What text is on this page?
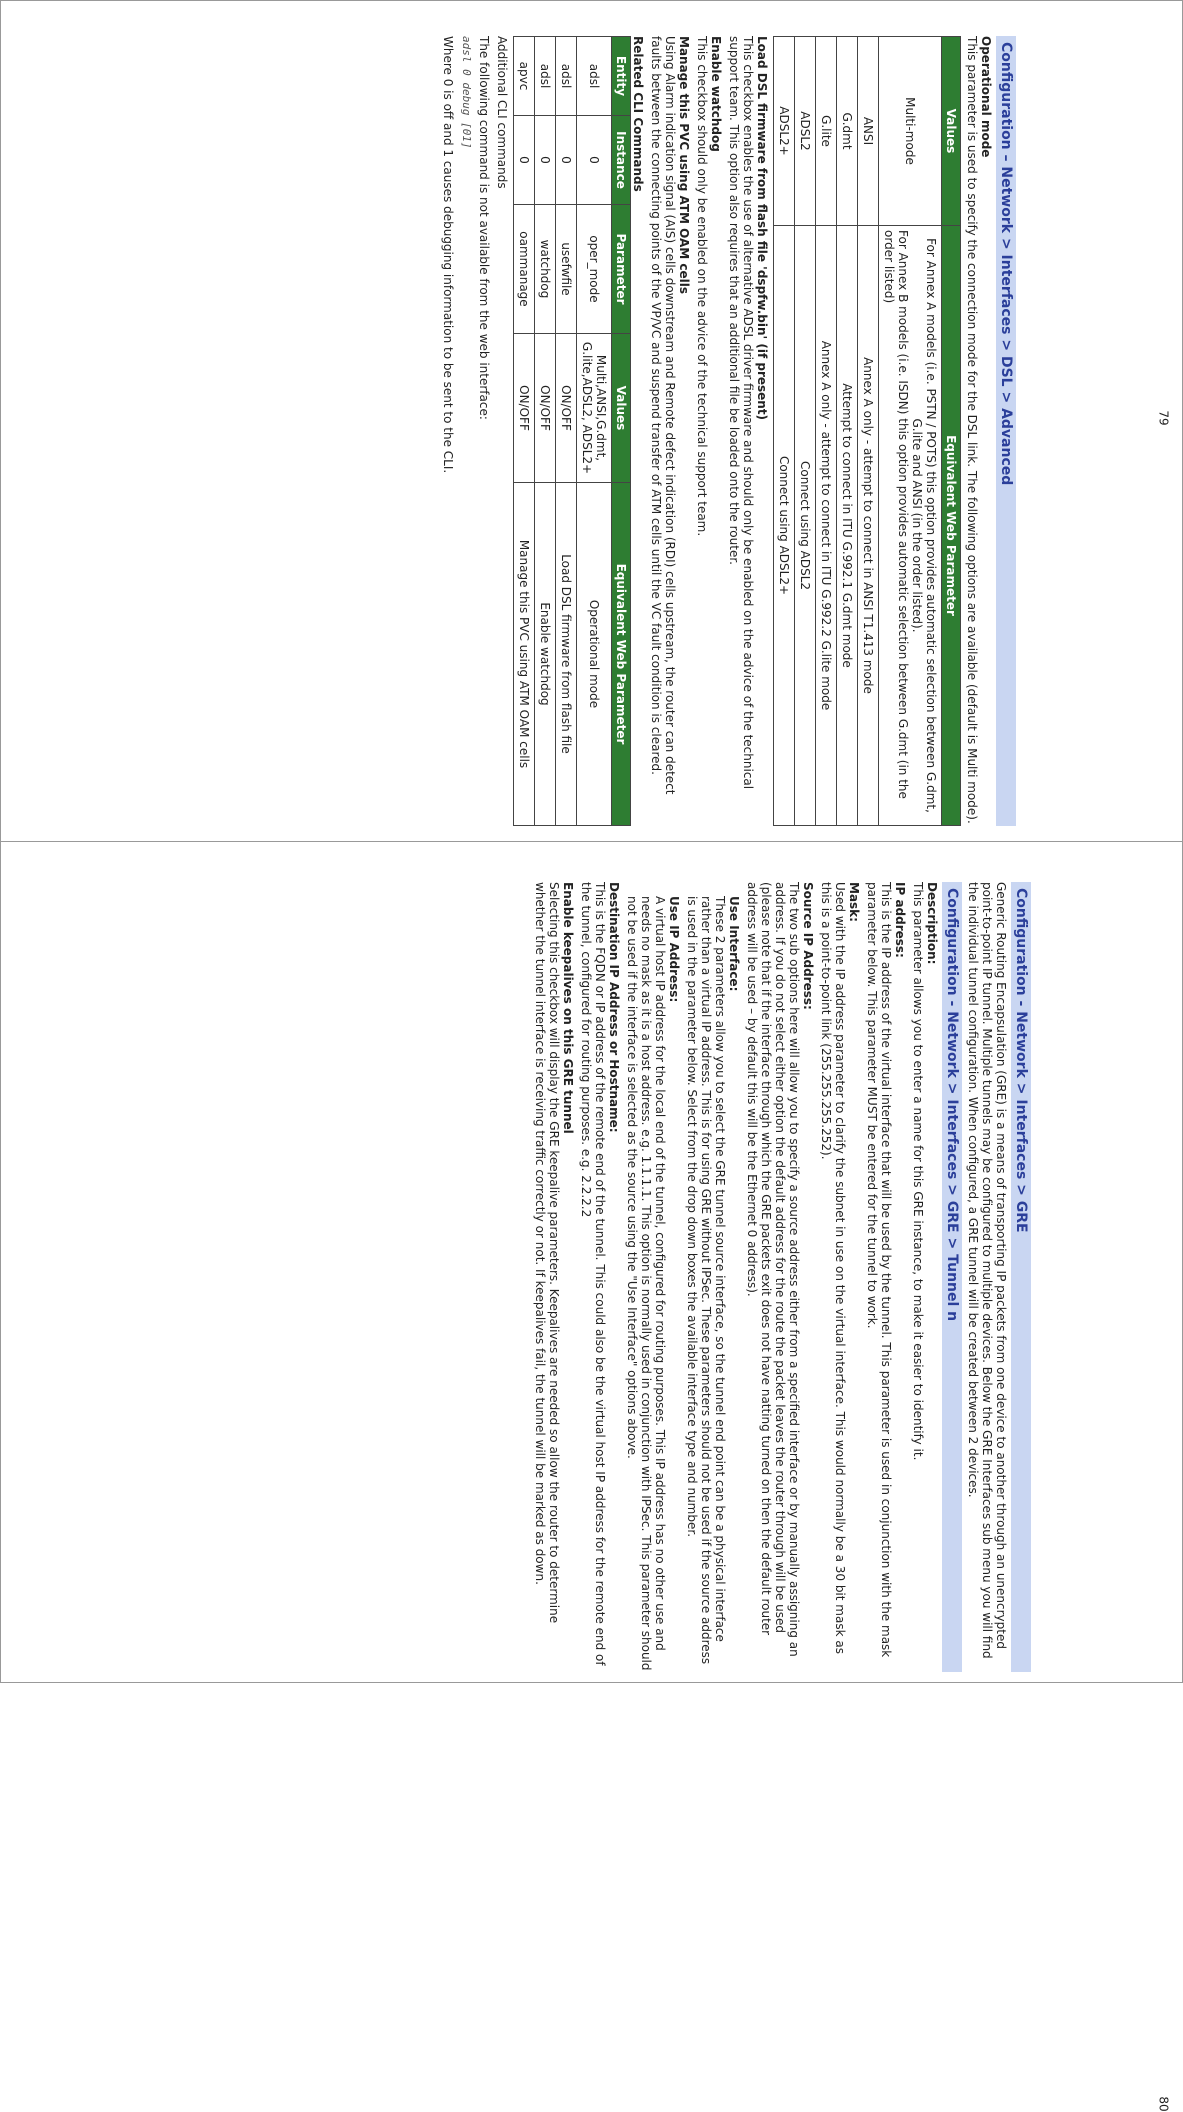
Configuration – Network > Interfaces > DSL > Advanced

Operational mode

This parameter is used to specify the connection mode for the DSL link. The following options are available (default is Multi mode).

Values	Equivalent Web Parameter
Multi-mode	For Annex A models (i.e. PSTN / POTS) this option provides automatic selection between G.dmt, G.lite and ANSI (in the order listed).
For Annex B models (i.e. ISDN) this option provides automatic selection between G.dmt (in the order listed)

ANSI	Annex A only - attempt to connect in ANSI T1.413 mode
G.dmt	Attempt to connect in ITU G.992.1 G.dmt mode
G.lite	Annex A only - attempt to connect in ITU G.992.2 G.lite mode
ADSL2	Connect using ADSL2
ADSL2+	Connect using ADSL2+

Load DSL firmware from flash file 'dspfw.bin' (if present)

This checkbox enables the use of alternative ADSL driver firmware and should only be enabled on the advice of the technical support team. This option also requires that an additional file be loaded onto the router.

Enable watchdog

This checkbox should only be enabled on the advice of the technical support team.

Manage this PVC using ATM OAM cells

Using Alarm indication signal (AIS) cells downstream and Remote defect indication (RDI) cells upstream, the router can detect faults between the connecting points of the VP/VC and suspend transfer of ATM cells until the VC fault condition is cleared.

Related CLI Commands

Entity	Instance	Parameter	Values	Equivalent Web Parameter
adsl	0	oper_mode	Multi,ANSI,G.dmt, G.lite,ADSL2, ADSL2+	Operational mode
adsl	0	usefwfile	ON/OFF	Load DSL firmware from flash file
adsl	0	watchdog	ON/OFF	Enable watchdog
apvc	0	oammanage	ON/OFF	Manage this PVC using ATM OAM cells

Additional CLI commands

The following command is not available from the web interface:

adsl 0 debug [01]

Where 0 is off and 1 causes debugging information to be sent to the CLI.	79
Configuration - Network > Interfaces > GRE

Generic Routing Encapsulation (GRE) is a means of transporting IP packets from one device to another through an unencrypted point-to-point IP tunnel. Multiple tunnels may be configured to multiple devices. Below the GRE Interfaces sub menu you will find the individual tunnel configuration. When configured, a GRE tunnel will be created between 2 devices.

Configuration - Network > Interfaces > GRE > Tunnel n

Description:

This parameter allows you to enter a name for this GRE instance, to make it easier to identify it.

IP address:

This is the IP address of the virtual interface that will be used by the tunnel. This parameter is used in conjunction with the mask parameter below. This parameter MUST be entered for the tunnel to work.

Mask:

Used with the IP address parameter to clarify the subnet in use on the virtual interface. This would normally be a 30 bit mask as this is a point-to-point link (255.255.255.252).

Source IP Address:

The two sub options here will allow you to specify a source address either from a specified interface or by manually assigning an address. If you do not select either option the default address for the route the packet leaves the router through will be used (please note that if the interface through which the GRE packets exit does not have natting turned on then the default router address will be used – by default this will be the Ethernet 0 address).

Use Interface:

These 2 parameters allow you to select the GRE tunnel source interface, so the tunnel end point can be a physical interface rather than a virtual IP address. This is for using GRE without IPSec. These parameters should not be used if the source address is used in the parameter below. Select from the drop down boxes the available interface type and number.

Use IP Address:

A virtual host IP address for the local end of the tunnel, configured for routing purposes. This IP address has no other use and needs no mask as it is a host address. e.g. 1.1.1.1. This option is normally used in conjunction with IPSec. This parameter should not be used if the interface is selected as the source using the "Use Interface" options above.

Destination IP Address or Hostname:

This is the FQDN or IP address of the remote end of the tunnel. This could also be the virtual host IP address for the remote end of the tunnel, configured for routing purposes. e.g. 2.2.2.2

Enable keepalives on this GRE tunnel

Selecting this checkbox will display the GRE keepalive parameters. Keepalives are needed so allow the router to determine whether the tunnel interface is receiving traffic correctly or not. If keepalives fail, the tunnel will be marked as down.

80
